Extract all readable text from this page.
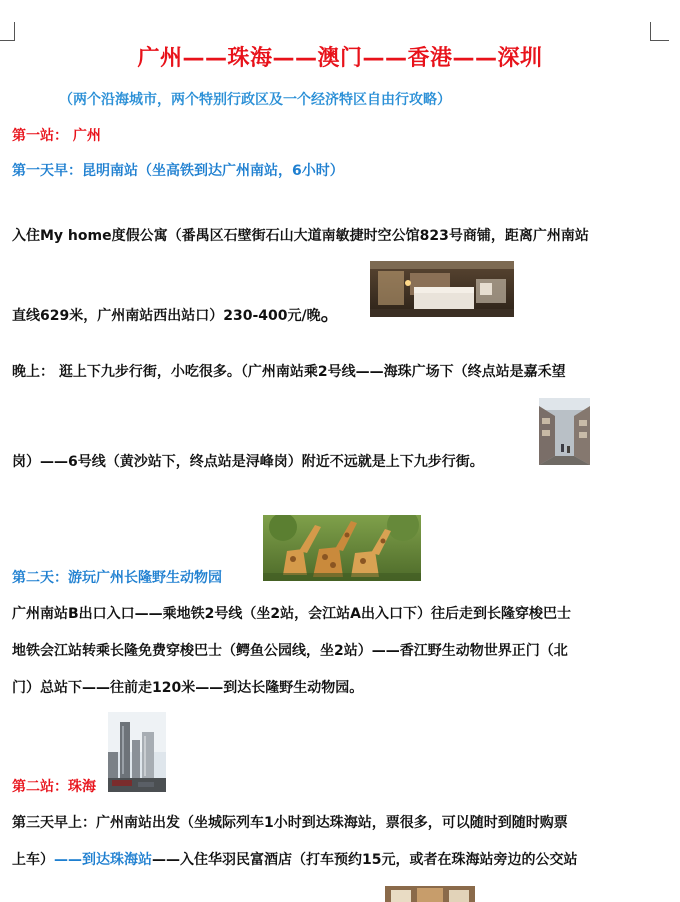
广州——珠海——澳门——香港——深圳
（两个沿海城市，两个特别行政区及一个经济特区自由行攻略）
第一站： 广州
第一天早：昆明南站（坐高铁到达广州南站，6小时）
入住My home度假公寓（番禺区石壁街石山大道南敏捷时空公馆823号商铺，距离广州南站
直线629米，广州南站西出站口）230-400元/晚。
晚上： 逛上下九步行街，小吃很多。（广州南站乘2号线——海珠广场下（终点站是嘉禾望
岗）——6号线（黄沙站下，终点站是浔峰岗）附近不远就是上下九步行街。
第二天：游玩广州长隆野生动物园
广州南站B出口入口——乘地铁2号线（坐2站，会江站A出入口下）往后走到长隆穿梭巴士
地铁会江站转乘长隆免费穿梭巴士（鳄鱼公园线，坐2站）——香江野生动物世界正门（北
门）总站下——往前走120米——到达长隆野生动物园。
第二站：珠海
第三天早上：广州南站出发（坐城际列车1小时到达珠海站，票很多，可以随时到随时购票
上车）——到达珠海站——入住华羽民富酒店（打车预约15元，或者在珠海站旁边的公交站
